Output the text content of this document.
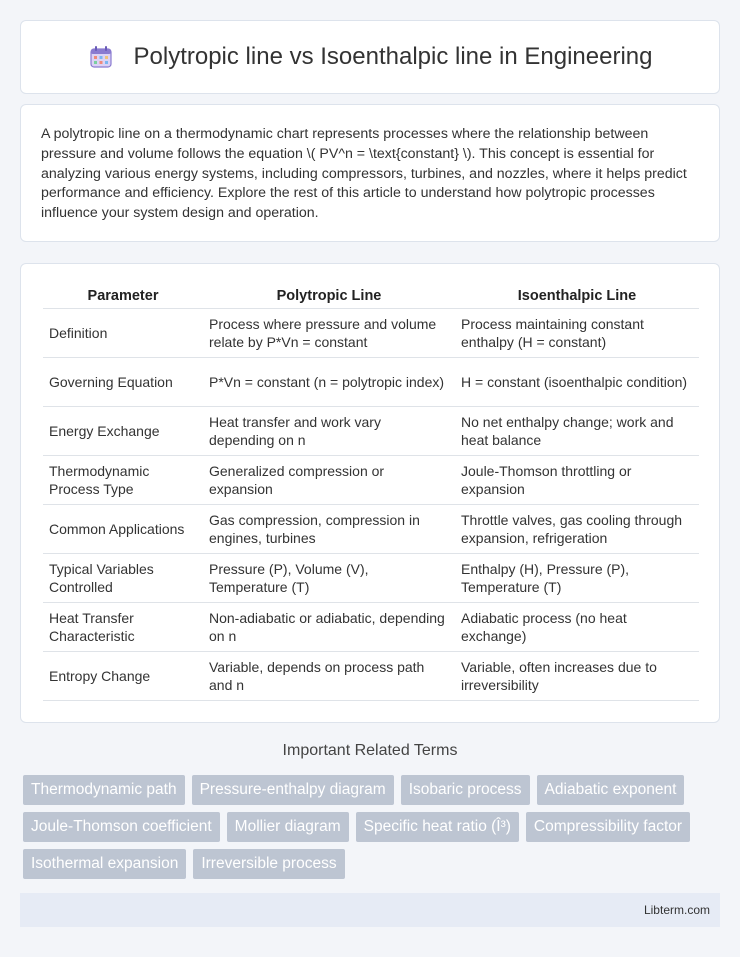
Polytropic line vs Isoenthalpic line in Engineering

A polytropic line on a thermodynamic chart represents processes where the relationship between pressure and volume follows the equation \( PV^n = \text{constant} \). This concept is essential for analyzing various energy systems, including compressors, turbines, and nozzles, where it helps predict performance and efficiency. Explore the rest of this article to understand how polytropic processes influence your system design and operation.

Parameter	Polytropic Line	Isoenthalpic Line
Definition	Process where pressure and volume relate by P*Vn = constant	Process maintaining constant enthalpy (H = constant)
Governing Equation	P*Vn = constant (n = polytropic index)	H = constant (isoenthalpic condition)
Energy Exchange	Heat transfer and work vary depending on n	No net enthalpy change; work and heat balance
Thermodynamic Process Type	Generalized compression or expansion	Joule-Thomson throttling or expansion
Common Applications	Gas compression, compression in engines, turbines	Throttle valves, gas cooling through expansion, refrigeration
Typical Variables Controlled	Pressure (P), Volume (V), Temperature (T)	Enthalpy (H), Pressure (P), Temperature (T)
Heat Transfer Characteristic	Non-adiabatic or adiabatic, depending on n	Adiabatic process (no heat exchange)
Entropy Change	Variable, depends on process path and n	Variable, often increases due to irreversibility
Important Related Terms
Thermodynamic path	Pressure-enthalpy diagram	Isobaric process	Adiabatic exponent
Joule-Thomson coefficient	Mollier diagram	Specific heat ratio (Î³)	Compressibility factor
Isothermal expansion	Irreversible process
Libterm.com
